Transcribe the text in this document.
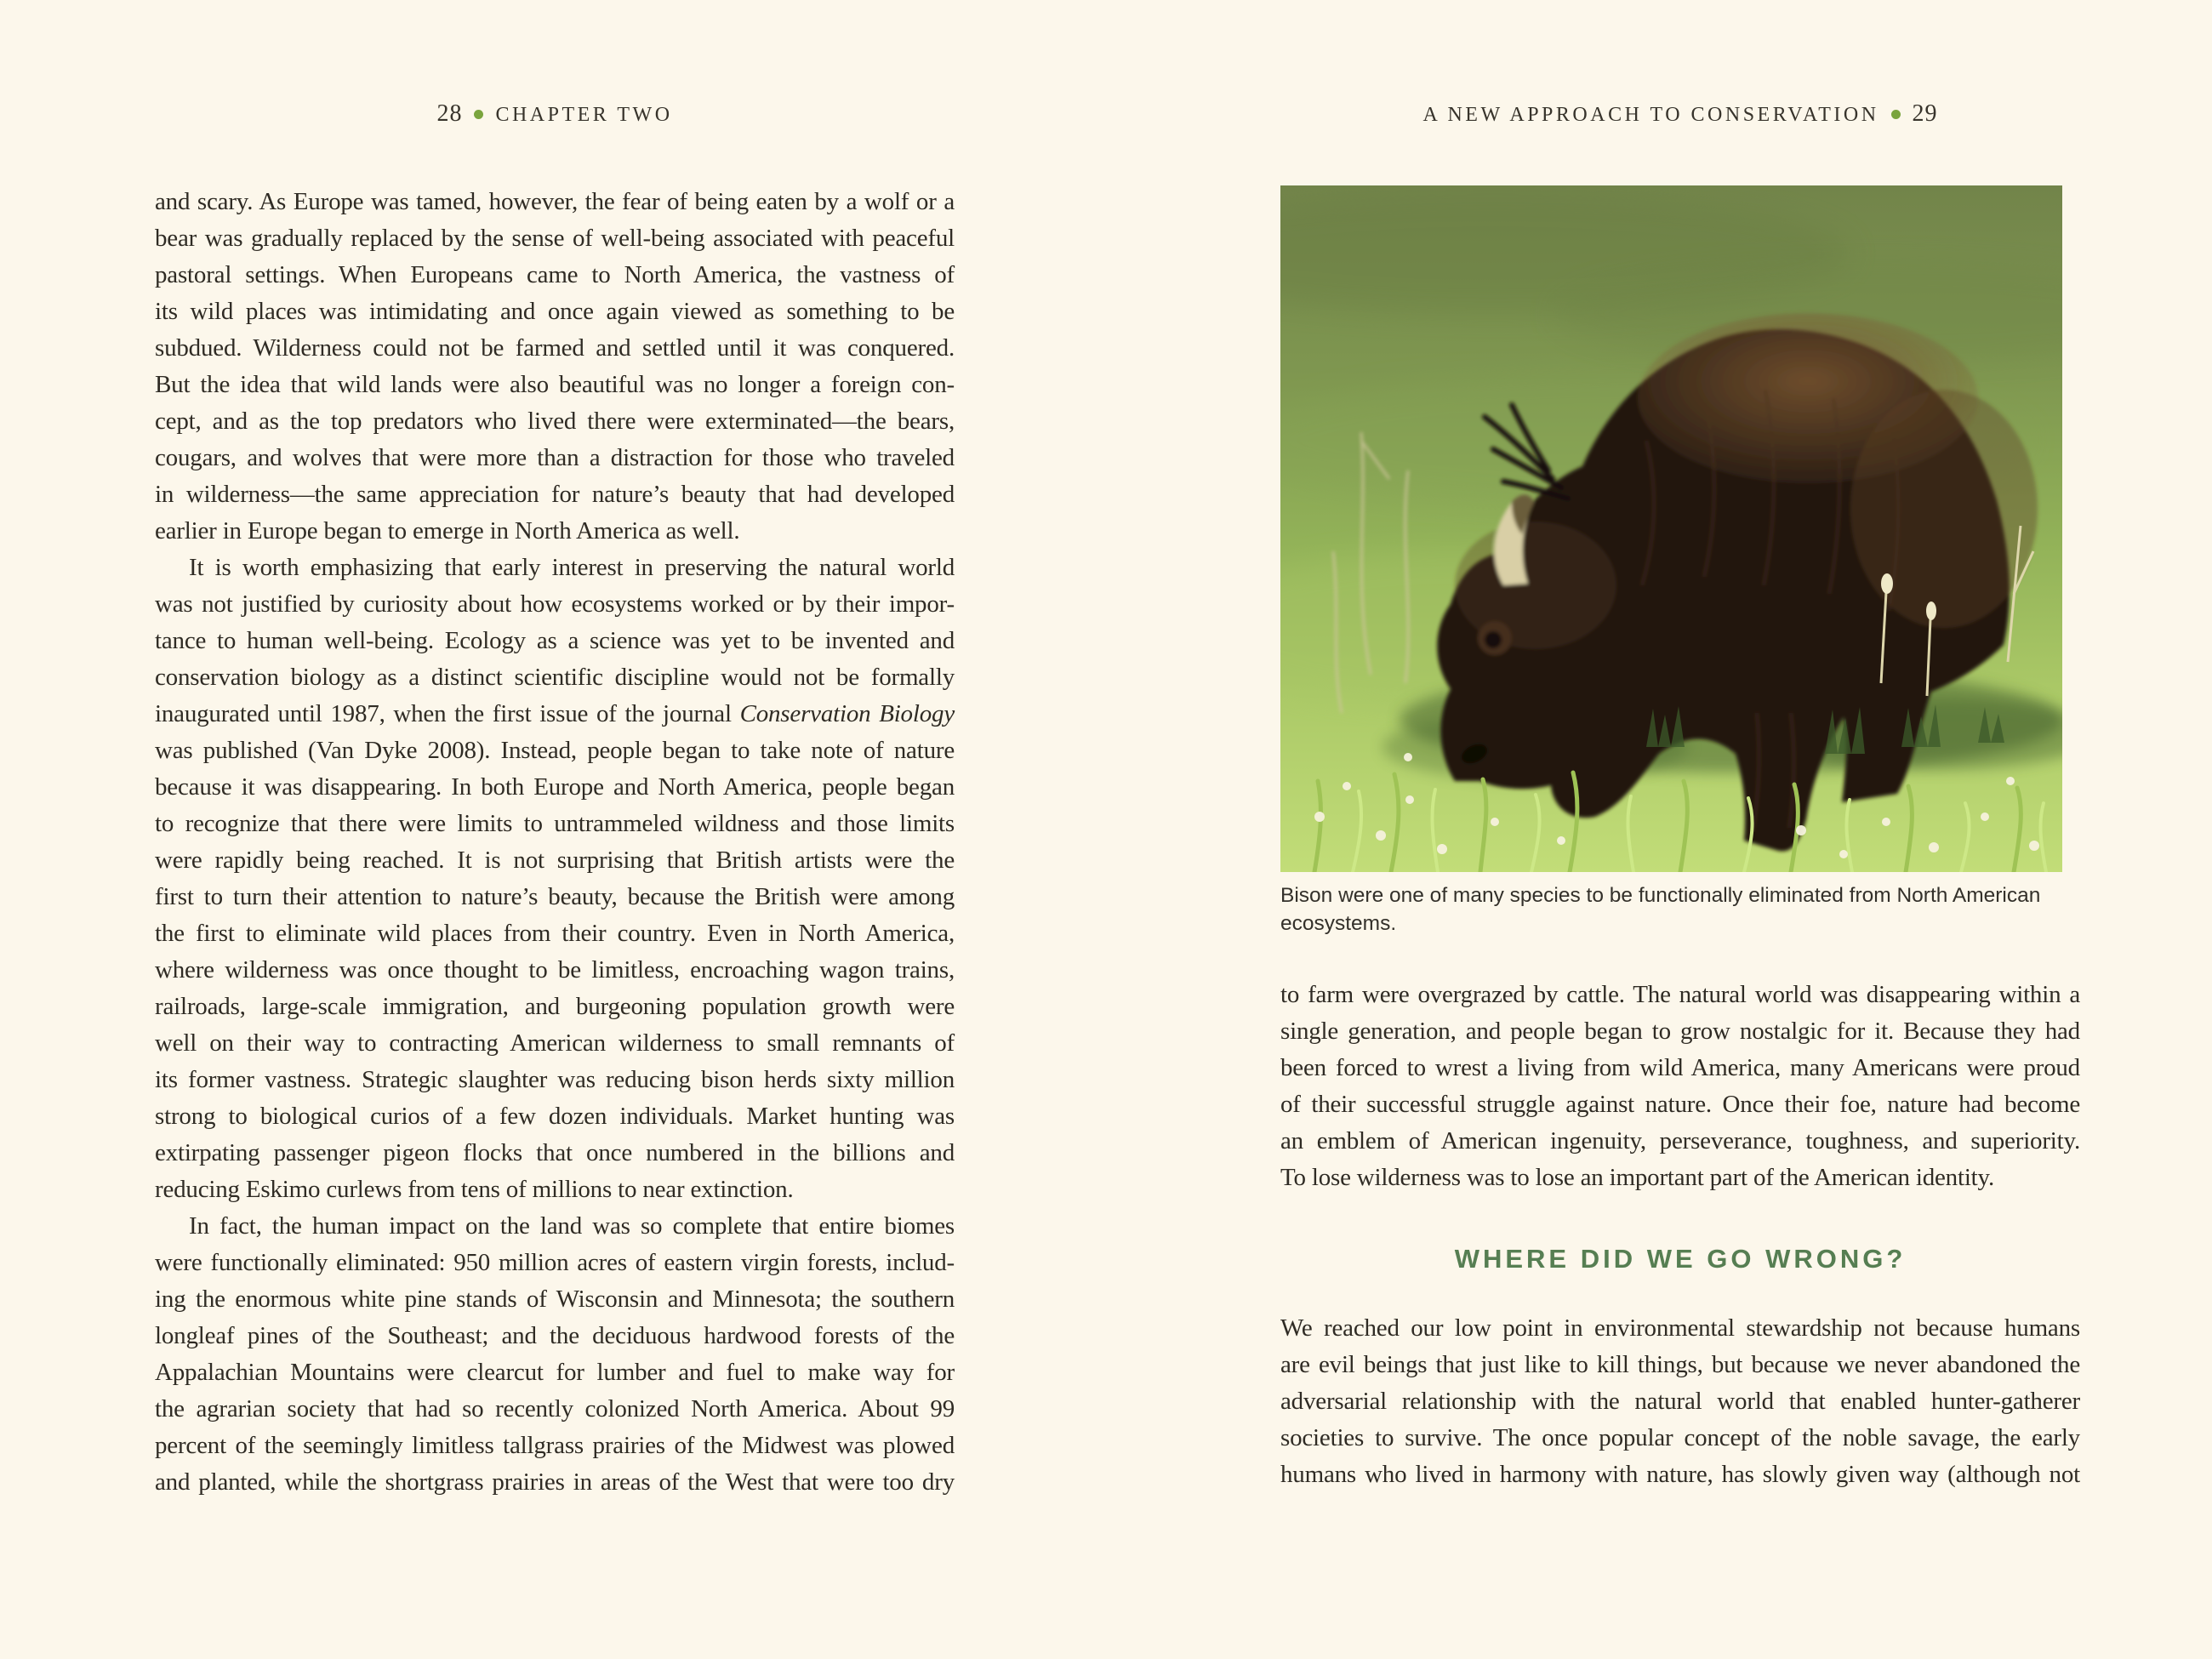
28 CHAPTER TWO
and scary. As Europe was tamed, however, the fear of being eaten by a wolf or a
bear was gradually replaced by the sense of well-being associated with peaceful
pastoral settings. When Europeans came to North America, the vastness of
its wild places was intimidating and once again viewed as something to be
subdued. Wilderness could not be farmed and settled until it was conquered.
But the idea that wild lands were also beautiful was no longer a foreign con-
cept, and as the top predators who lived there were exterminated—the bears,
cougars, and wolves that were more than a distraction for those who traveled
in wilderness—the same appreciation for nature’s beauty that had developed
earlier in Europe began to emerge in North America as well.
It is worth emphasizing that early interest in preserving the natural world
was not justified by curiosity about how ecosystems worked or by their impor-
tance to human well-being. Ecology as a science was yet to be invented and
conservation biology as a distinct scientific discipline would not be formally
inaugurated until 1987, when the first issue of the journal Conservation Biology
was published (Van Dyke 2008). Instead, people began to take note of nature
because it was disappearing. In both Europe and North America, people began
to recognize that there were limits to untrammeled wildness and those limits
were rapidly being reached. It is not surprising that British artists were the
first to turn their attention to nature’s beauty, because the British were among
the first to eliminate wild places from their country. Even in North America,
where wilderness was once thought to be limitless, encroaching wagon trains,
railroads, large-scale immigration, and burgeoning population growth were
well on their way to contracting American wilderness to small remnants of
its former vastness. Strategic slaughter was reducing bison herds sixty million
strong to biological curios of a few dozen individuals. Market hunting was
extirpating passenger pigeon flocks that once numbered in the billions and
reducing Eskimo curlews from tens of millions to near extinction.
In fact, the human impact on the land was so complete that entire biomes
were functionally eliminated: 950 million acres of eastern virgin forests, includ-
ing the enormous white pine stands of Wisconsin and Minnesota; the southern
longleaf pines of the Southeast; and the deciduous hardwood forests of the
Appalachian Mountains were clearcut for lumber and fuel to make way for
the agrarian society that had so recently colonized North America. About 99
percent of the seemingly limitless tallgrass prairies of the Midwest was plowed
and planted, while the shortgrass prairies in areas of the West that were too dry
A NEW APPROACH TO CONSERVATION 29
Bison were one of many species to be functionally eliminated from North American
ecosystems.
to farm were overgrazed by cattle. The natural world was disappearing within a
single generation, and people began to grow nostalgic for it. Because they had
been forced to wrest a living from wild America, many Americans were proud
of their successful struggle against nature. Once their foe, nature had become
an emblem of American ingenuity, perseverance, toughness, and superiority.
To lose wilderness was to lose an important part of the American identity.
WHERE DID WE GO WRONG?
We reached our low point in environmental stewardship not because humans
are evil beings that just like to kill things, but because we never abandoned the
adversarial relationship with the natural world that enabled hunter-gatherer
societies to survive. The once popular concept of the noble savage, the early
humans who lived in harmony with nature, has slowly given way (although not
